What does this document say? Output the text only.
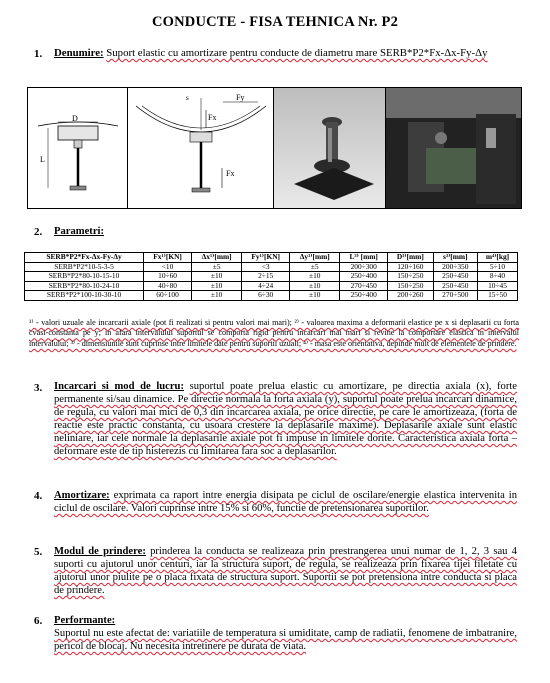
CONDUCTE - FISA TEHNICA Nr. P2
1. Denumire: Suport elastic cu amortizare pentru conducte de diametru mare SERB*P2*Fx-Δx-Fy-Δy
D
L
s	Fy
Fx
Fx
2. Parametri:
SERB*P2*Fx-Δx-Fy-Δy	Fx¹⁾[KN]	Δx¹⁾[mm]	Fy¹⁾[KN]	Δy¹⁾[mm]	L³⁾ [mm]	D³⁾[mm]	s³⁾[mm]	m⁴⁾[kg]
SERB*P2*10-5-3-5	<10	±5	<3	±5	200÷300	120÷160	200÷350	5÷10
SERB*P2*80-10-15-10	10÷60	±10	2÷15	±10	250÷400	150÷250	250÷450	8÷40
SERB*P2*80-10-24-10	40÷80	±10	4÷24	±10	270÷450	150÷250	250÷450	10÷45
SERB*P2*100-10-30-10	60÷100	±10	6÷30	±10	250÷400	200÷260	270÷500	15÷50
¹⁾ - valori uzuale ale incarcarii axiale (pot fi realizati si pentru valori mai mari); ²⁾ - valoarea maxima a deformarii elastice pe x si deplasarii cu forta cvasi-constanta pe y; in afara intervalului suportul se comporta rigid pentru incarcari mai mari si revine la comportare elastica in intervalul intervalului; ³⁾ - dimensiunile sunt cuprinse intre limitele date pentru suportii uzuali; ⁴⁾ - masa este orientativa, depinde mult de elementele de prindere.
3. Incarcari si mod de lucru: suportul poate prelua elastic cu amortizare, pe directia axiala (x), forte permanente si/sau dinamice. Pe directie normala la forta axiala (y), suportul poate prelua incarcari dinamice, de regula, cu valori mai mici de 0,3 din incarcarea axiala, pe orice directie, pe care le amortizeaza, (forta de reactie este practic constanta, cu usoara crestere la deplasarile maxime). Deplasarile axiale sunt elastic neliniare, iar cele normale la deplasarile axiale pot fi impuse in limitele dorite. Caracteristica axiala forta – deformare este de tip histerezis cu limitarea fara soc a deplasarilor.
4. Amortizare: exprimata ca raport intre energia disipata pe ciclul de oscilare/energie elastica intervenita in ciclul de oscilare. Valori cuprinse intre 15% si 60%, functie de pretensionarea suportilor.
5. Modul de prindere: prinderea la conducta se realizeaza prin prestrangerea unui numar de 1, 2, 3 sau 4 suporti cu ajutorul unor centuri, iar la structura suport, de regula, se realizeaza prin fixarea tijei filetate cu ajutorul unor piulite pe o placa fixata de structura suport. Suportii se pot pretensiona intre conducta si placa de prindere.
6. Performante:
Suportul nu este afectat de: variatiile de temperatura si umiditate, camp de radiatii, fenomene de imbatranire, pericol de blocaj. Nu necesita intretinere pe durata de viata.
